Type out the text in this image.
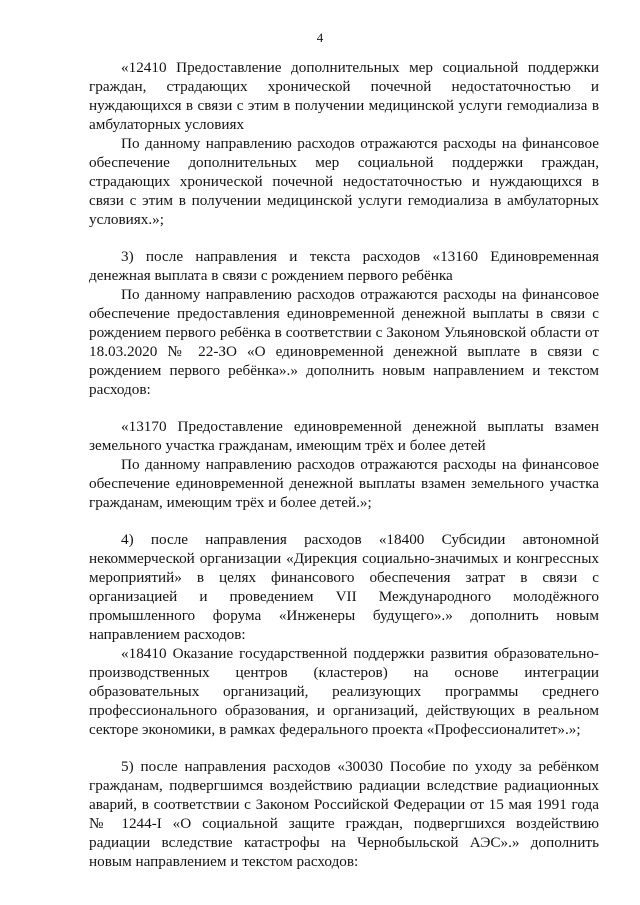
4

«12410 Предоставление дополнительных мер социальной поддержки граждан, страдающих хронической почечной недостаточностью и нуждающихся в связи с этим в получении медицинской услуги гемодиализа в амбулаторных условиях

По данному направлению расходов отражаются расходы на финансовое обеспечение дополнительных мер социальной поддержки граждан, страдающих хронической почечной недостаточностью и нуждающихся в связи с этим в получении медицинской услуги гемодиализа в амбулаторных условиях.»;

3) после направления и текста расходов «13160 Единовременная денежная выплата в связи с рождением первого ребёнка

По данному направлению расходов отражаются расходы на финансовое обеспечение предоставления единовременной денежной выплаты в связи с рождением первого ребёнка в соответствии с Законом Ульяновской области от 18.03.2020 № 22-ЗО «О единовременной денежной выплате в связи с рождением первого ребёнка».» дополнить новым направлением и текстом расходов:

«13170 Предоставление единовременной денежной выплаты взамен земельного участка гражданам, имеющим трёх и более детей

По данному направлению расходов отражаются расходы на финансовое обеспечение единовременной денежной выплаты взамен земельного участка гражданам, имеющим трёх и более детей.»;

4) после направления расходов «18400 Субсидии автономной некоммерческой организации «Дирекция социально-значимых и конгрессных мероприятий» в целях финансового обеспечения затрат в связи с организацией и проведением VII Международного молодёжного промышленного форума «Инженеры будущего».» дополнить новым направлением расходов:

«18410 Оказание государственной поддержки развития образовательно-производственных центров (кластеров) на основе интеграции образовательных организаций, реализующих программы среднего профессионального образования, и организаций, действующих в реальном секторе экономики, в рамках федерального проекта «Профессионалитет».»;

5) после направления расходов «30030 Пособие по уходу за ребёнком гражданам, подвергшимся воздействию радиации вследствие радиационных аварий, в соответствии с Законом Российской Федерации от 15 мая 1991 года № 1244-I «О социальной защите граждан, подвергшихся воздействию радиации вследствие катастрофы на Чернобыльской АЭС».» дополнить новым направлением и текстом расходов:
